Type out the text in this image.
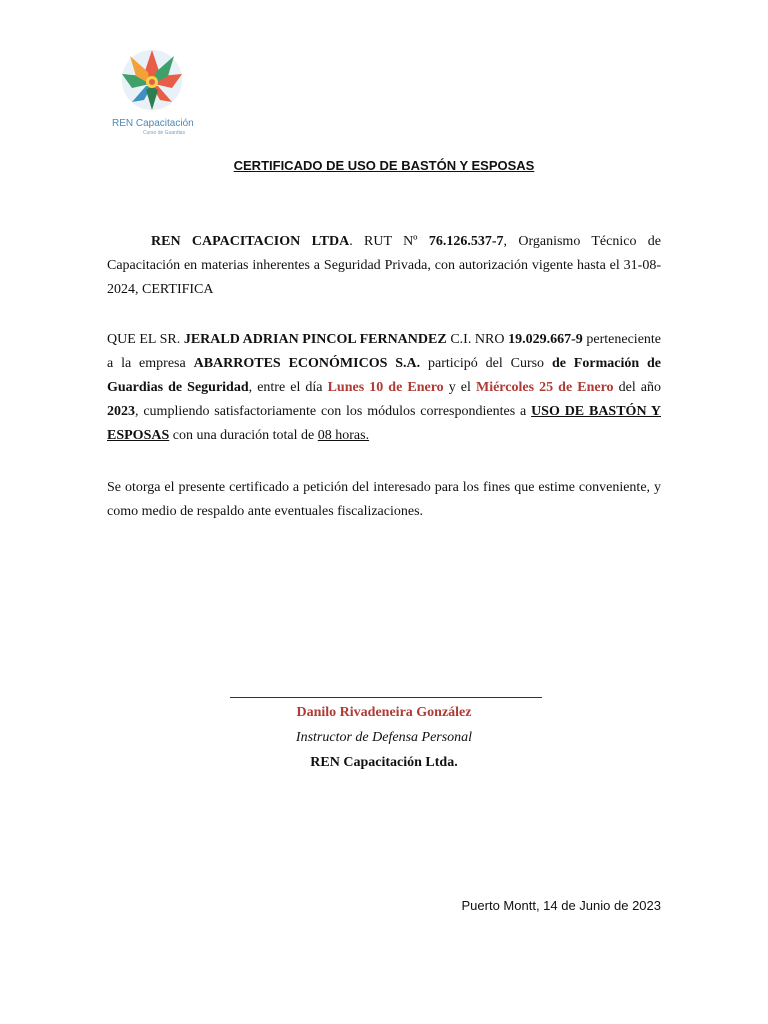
REN Capacitación
Curso de Guardias
CERTIFICADO DE USO DE BASTÓN Y ESPOSAS
REN CAPACITACION LTDA. RUT Nº 76.126.537-7, Organismo Técnico de Capacitación en materias inherentes a Seguridad Privada, con autorización vigente hasta el 31-08-2024, CERTIFICA
QUE EL SR. JERALD ADRIAN PINCOL FERNANDEZ C.I. NRO 19.029.667-9 perteneciente a la empresa ABARROTES ECONÓMICOS S.A. participó del Curso de Formación de Guardias de Seguridad, entre el día Lunes 10 de Enero y el Miércoles 25 de Enero del año 2023, cumpliendo satisfactoriamente con los módulos correspondientes a USO DE BASTÓN Y ESPOSAS con una duración total de 08 horas.
Se otorga el presente certificado a petición del interesado para los fines que estime conveniente, y como medio de respaldo ante eventuales fiscalizaciones.
Danilo Rivadeneira González
Instructor de Defensa Personal
REN Capacitación Ltda.
Puerto Montt, 14 de Junio de 2023
